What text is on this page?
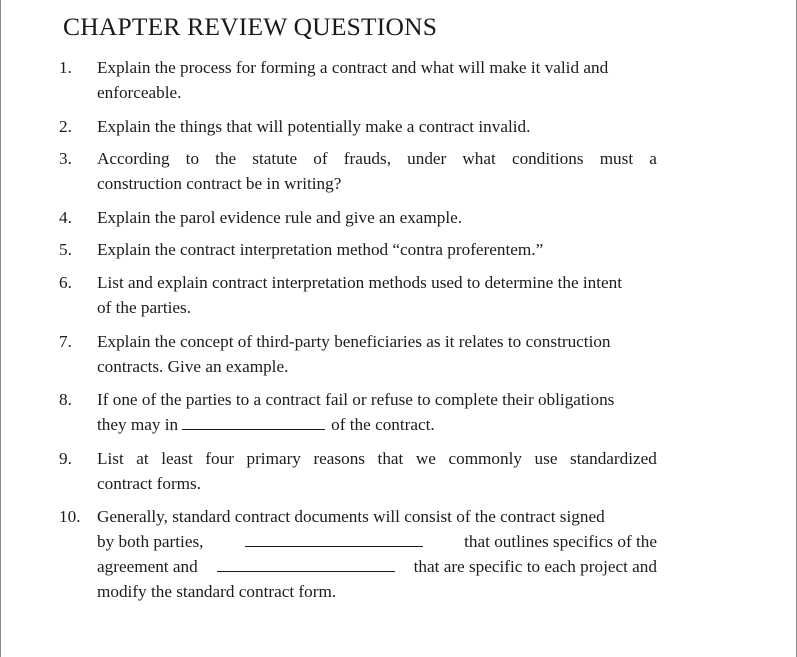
CHAPTER REVIEW QUESTIONS
1.	Explain the process for forming a contract and what will make it valid and
enforceable.
2.	Explain the things that will potentially make a contract invalid.
3.	According to the statute of frauds, under what conditions must a
construction contract be in writing?
4.	Explain the parol evidence rule and give an example.
5.	Explain the contract interpretation method “contra proferentem.”
6.	List and explain contract interpretation methods used to determine the intent
of the parties.
7.	Explain the concept of third-party beneficiaries as it relates to construction
contracts. Give an example.
8.	If one of the parties to a contract fail or refuse to complete their obligations
they may in	of the contract.
9.	List at least four primary reasons that we commonly use standardized
contract forms.
10. Generally, standard contract documents will consist of the contract signed
by both parties,	that outlines specifics of the
agreement and	that are specific to each project and
modify the standard contract form.
